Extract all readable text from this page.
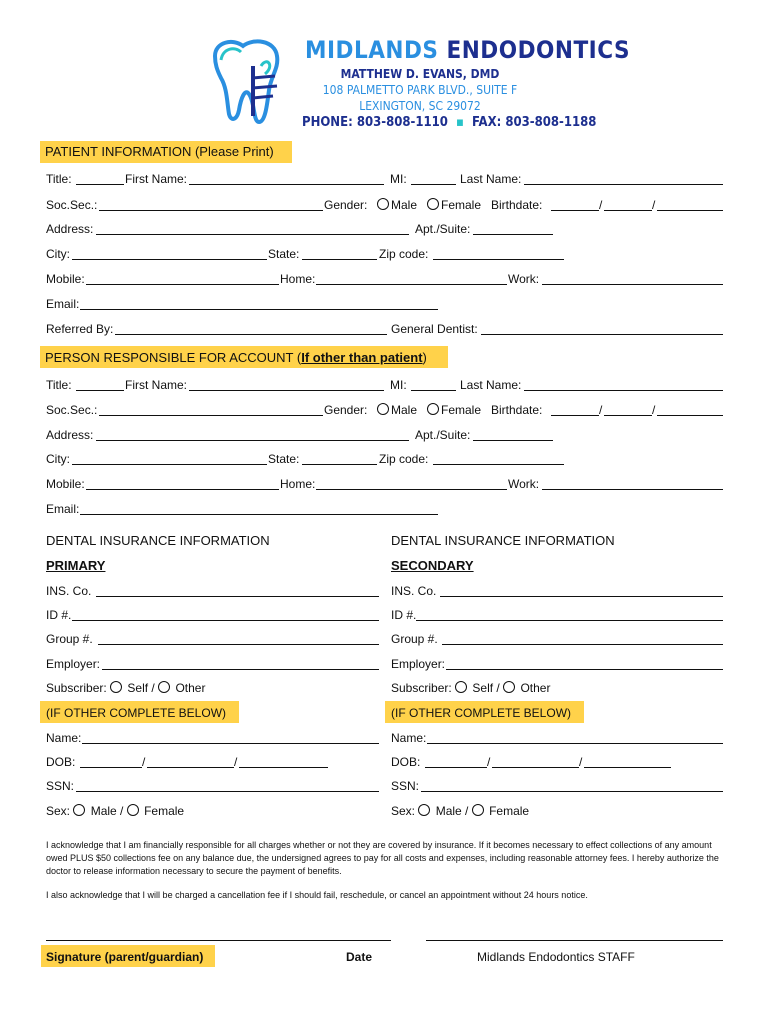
MIDLANDS ENDODONTICS
MATTHEW D. EVANS, DMD
108 PALMETTO PARK BLVD., SUITE F
LEXINGTON, SC 29072
PHONE: 803-808-1110 ▪ FAX: 803-808-1188
PATIENT INFORMATION (Please Print)
Title:	First Name:	MI:	Last Name:
Soc.Sec.:	Gender:	Male	Female Birthdate:	/	/
Address:	Apt./Suite:
City:	State:	Zip code:
Mobile:	Home:	Work:
Email:
Referred By:	General Dentist:
PERSON RESPONSIBLE FOR ACCOUNT (If other than patient)
Title:	First Name:	MI:	Last Name:
Soc.Sec.:	Gender:	Male	Female Birthdate:	/	/
Address:	Apt./Suite:
City:	State:	Zip code:
Mobile:	Home:	Work:
Email:
DENTAL INSURANCE INFORMATION
PRIMARY
INS. Co.
ID #.
Group #.
Employer:
Subscriber: Self / Other
(IF OTHER COMPLETE BELOW)
Name:
DOB:	/	/
SSN:
Sex: Male / Female
DENTAL INSURANCE INFORMATION
SECONDARY
INS. Co.
ID #.
Group #.
Employer:
Subscriber: Self / Other
(IF OTHER COMPLETE BELOW)
Name:
DOB:	/	/
SSN:
Sex: Male / Female
I acknowledge that I am financially responsible for all charges whether or not they are covered by insurance. If it becomes necessary to effect collections of any amount owed PLUS $50 collections fee on any balance due, the undersigned agrees to pay for all costs and expenses, including reasonable attorney fees. I hereby authorize the doctor to release information necessary to secure the payment of benefits.
I also acknowledge that I will be charged a cancellation fee if I should fail, reschedule, or cancel an appointment without 24 hours notice.
Signature (parent/guardian)	Date	Midlands Endodontics STAFF
